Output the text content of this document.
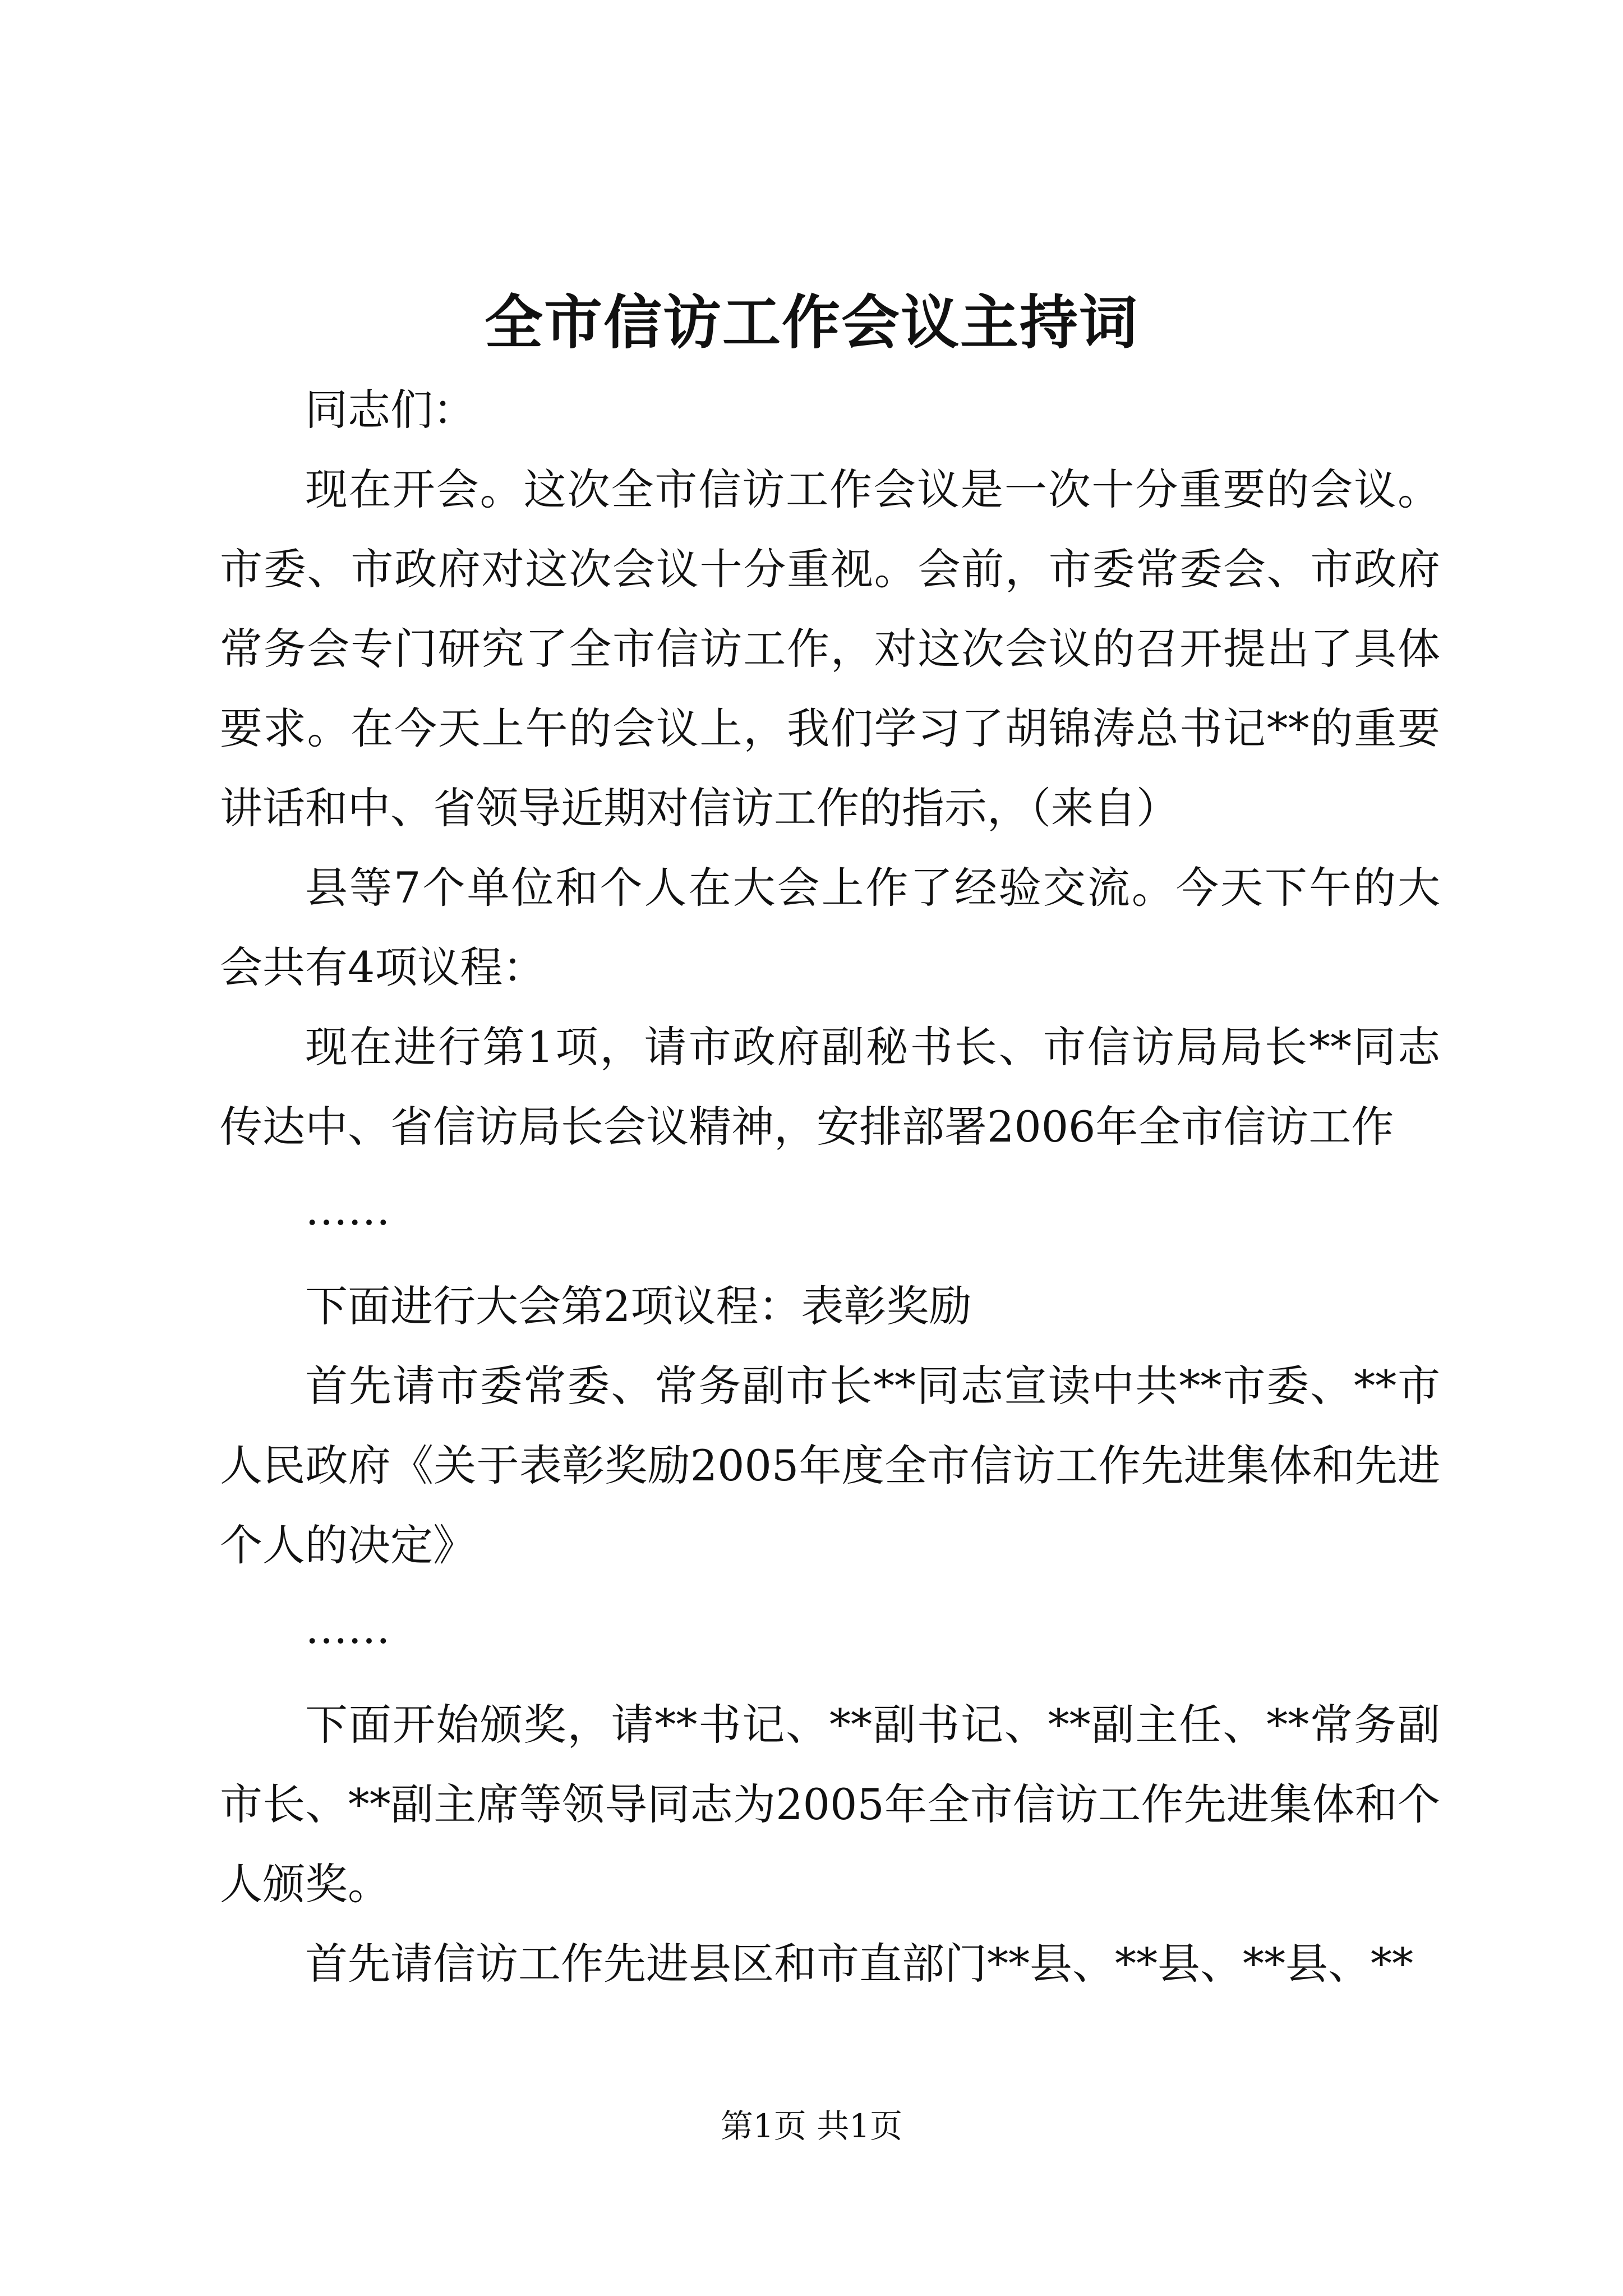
全市信访工作会议主持词

同志们：

现在开会。这次全市信访工作会议是一次十分重要的会议。市委、市政府对这次会议十分重视。会前，市委常委会、市政府常务会专门研究了全市信访工作，对这次会议的召开提出了具体要求。在今天上午的会议上，我们学习了胡锦涛总书记**的重要讲话和中、省领导近期对信访工作的指示，（来自）

县等7个单位和个人在大会上作了经验交流。今天下午的大会共有4项议程：

现在进行第1项，请市政府副秘书长、市信访局局长**同志传达中、省信访局长会议精神，安排部署2006年全市信访工作

……

下面进行大会第2项议程：表彰奖励

首先请市委常委、常务副市长**同志宣读中共**市委、**市人民政府《关于表彰奖励2005年度全市信访工作先进集体和先进个人的决定》

……

下面开始颁奖，请**书记、**副书记、**副主任、**常务副市长、**副主席等领导同志为2005年全市信访工作先进集体和个人颁奖。

首先请信访工作先进县区和市直部门**县、**县、**县、**

第1页 共1页
